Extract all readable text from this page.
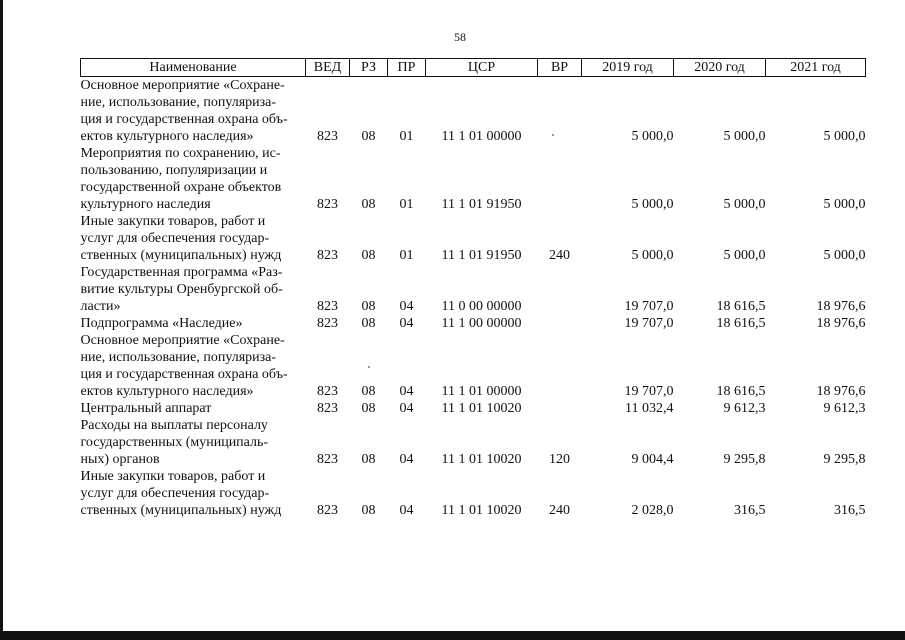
58
Наименование	ВЕД	РЗ	ПР	ЦСР	ВР	2019 год	2020 год	2021 год

Основное мероприятие «Сохране-
ние, использование, популяриза-
ция и государственная охрана объ-
ектов культурного наследия»	823	08	01	11 1 01 00000		5 000,0	5 000,0	5 000,0

Мероприятия по сохранению, ис-
пользованию, популяризации и
государственной охране объектов
культурного наследия	823	08	01	11 1 01 91950		5 000,0	5 000,0	5 000,0

Иные закупки товаров, работ и
услуг для обеспечения государ-
ственных (муниципальных) нужд	823	08	01	11 1 01 91950	240	5 000,0	5 000,0	5 000,0

Государственная программа «Раз-
витие культуры Оренбургской об-
ласти»	823	08	04	11 0 00 00000		19 707,0	18 616,5	18 976,6

Подпрограмма «Наследие»	823	08	04	11 1 00 00000		19 707,0	18 616,5	18 976,6

Основное мероприятие «Сохране-
ние, использование, популяриза-
ция и государственная охрана объ-
ектов культурного наследия»	823	08	04	11 1 01 00000		19 707,0	18 616,5	18 976,6

Центральный аппарат	823	08	04	11 1 01 10020		11 032,4	9 612,3	9 612,3

Расходы на выплаты персоналу
государственных (муниципаль-
ных) органов	823	08	04	11 1 01 10020	120	9 004,4	9 295,8	9 295,8

Иные закупки товаров, работ и
услуг для обеспечения государ-
ственных (муниципальных) нужд	823	08	04	11 1 01 10020	240	2 028,0	316,5	316,5
